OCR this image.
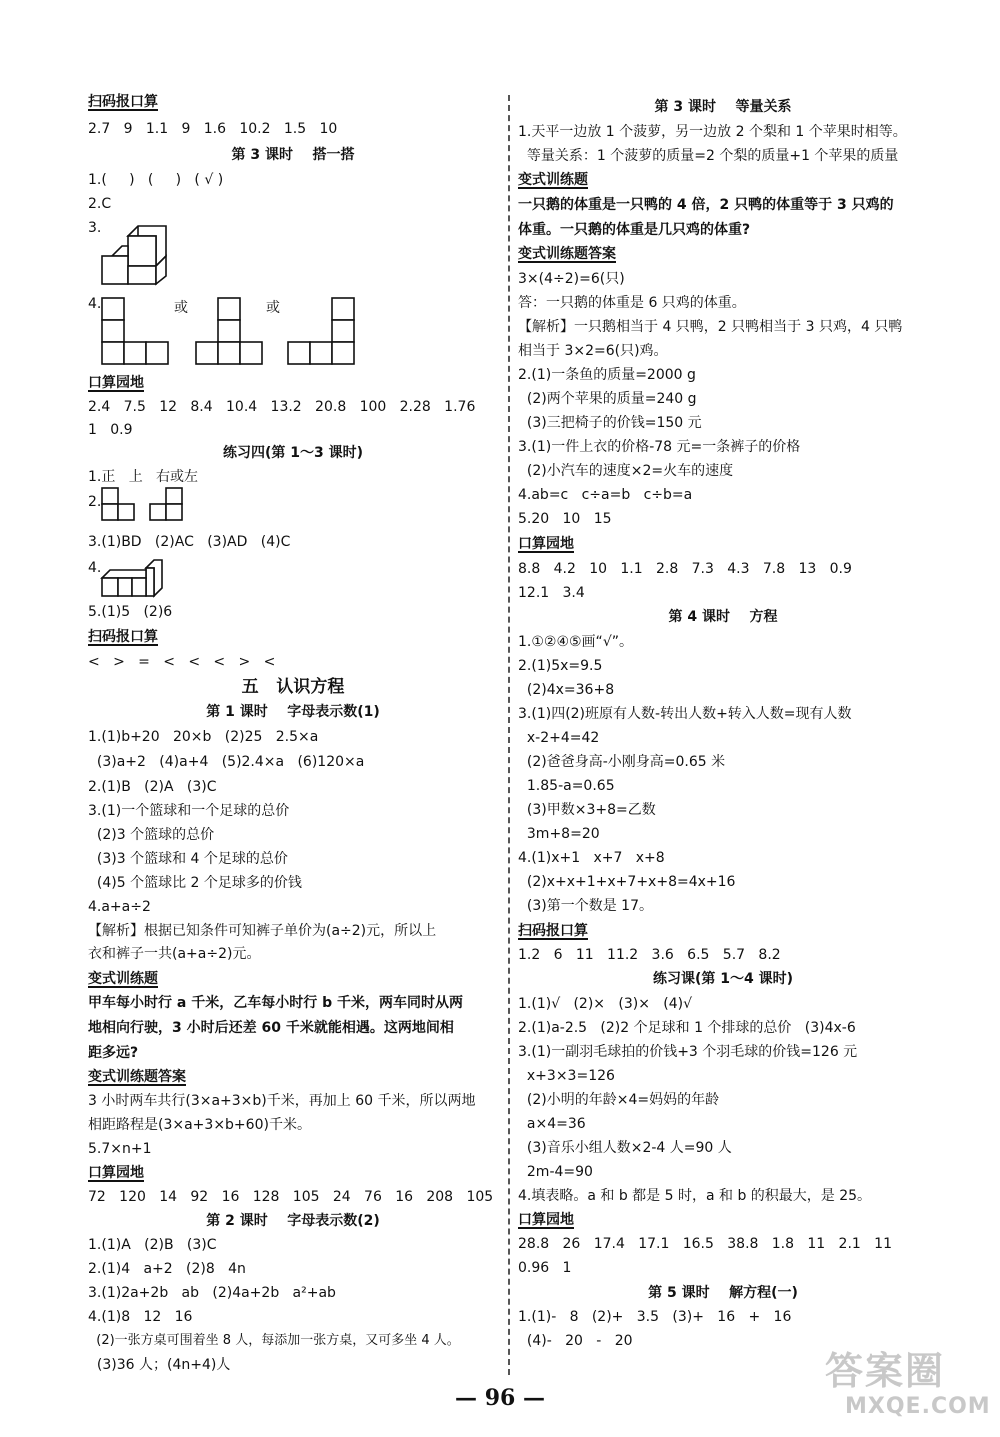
扫码报口算
2.7   9   1.1   9   1.6   10.2   1.5   10
第 3 课时    搭一搭
1.(     )   (     )   ( √ )
2.C
3.
4.	或	或
口算园地
2.4   7.5   12   8.4   10.4   13.2   20.8   100   2.28   1.76
1   0.9
练习四(第 1～3 课时)
1.正   上   右或左
2.
3.(1)BD   (2)AC   (3)AD   (4)C
4.
5.(1)5   (2)6
扫码报口算
<   >   =   <   <   <   >   <
五   认识方程
第 1 课时    字母表示数(1)
1.(1)b+20   20×b   (2)25   2.5×a
(3)a+2   (4)a+4   (5)2.4×a   (6)120×a
2.(1)B   (2)A   (3)C
3.(1)一个篮球和一个足球的总价
(2)3 个篮球的总价
(3)3 个篮球和 4 个足球的总价
(4)5 个篮球比 2 个足球多的价钱
4.a+a÷2
【解析】根据已知条件可知裤子单价为(a÷2)元，所以上
衣和裤子一共(a+a÷2)元。
变式训练题
甲车每小时行 a 千米，乙车每小时行 b 千米，两车同时从两
地相向行驶，3 小时后还差 60 千米就能相遇。这两地间相
距多远?
变式训练题答案
3 小时两车共行(3×a+3×b)千米，再加上 60 千米，所以两地
相距路程是(3×a+3×b+60)千米。
5.7×n+1
口算园地
72   120   14   92   16   128   105   24   76   16   208   105
第 2 课时    字母表示数(2)
1.(1)A   (2)B   (3)C
2.(1)4   a+2   (2)8   4n
3.(1)2a+2b   ab   (2)4a+2b   a²+ab
4.(1)8   12   16
(2)一张方桌可围着坐 8 人，每添加一张方桌，又可多坐 4 人。
(3)36 人；(4n+4)人
第 3 课时    等量关系
1.天平一边放 1 个菠萝，另一边放 2 个梨和 1 个苹果时相等。
等量关系：1 个菠萝的质量=2 个梨的质量+1 个苹果的质量
变式训练题
一只鹅的体重是一只鸭的 4 倍，2 只鸭的体重等于 3 只鸡的
体重。一只鹅的体重是几只鸡的体重?
变式训练题答案
3×(4÷2)=6(只)
答：一只鹅的体重是 6 只鸡的体重。
【解析】一只鹅相当于 4 只鸭，2 只鸭相当于 3 只鸡，4 只鸭
相当于 3×2=6(只)鸡。
2.(1)一条鱼的质量=2000 g
(2)两个苹果的质量=240 g
(3)三把椅子的价钱=150 元
3.(1)一件上衣的价格-78 元=一条裤子的价格
(2)小汽车的速度×2=火车的速度
4.ab=c   c÷a=b   c÷b=a
5.20   10   15
口算园地
8.8   4.2   10   1.1   2.8   7.3   4.3   7.8   13   0.9
12.1   3.4
第 4 课时    方程
1.①②④⑤画“√”。
2.(1)5x=9.5
(2)4x=36+8
3.(1)四(2)班原有人数-转出人数+转入人数=现有人数
x-2+4=42
(2)爸爸身高-小刚身高=0.65 米
1.85-a=0.65
(3)甲数×3+8=乙数
3m+8=20
4.(1)x+1   x+7   x+8
(2)x+x+1+x+7+x+8=4x+16
(3)第一个数是 17。
扫码报口算
1.2   6   11   11.2   3.6   6.5   5.7   8.2
练习课(第 1～4 课时)
1.(1)√   (2)×   (3)×   (4)√
2.(1)a-2.5   (2)2 个足球和 1 个排球的总价   (3)4x-6
3.(1)一副羽毛球拍的价钱+3 个羽毛球的价钱=126 元
x+3×3=126
(2)小明的年龄×4=妈妈的年龄
a×4=36
(3)音乐小组人数×2-4 人=90 人
2m-4=90
4.填表略。a 和 b 都是 5 时，a 和 b 的积最大，是 25。
口算园地
28.8   26   17.4   17.1   16.5   38.8   1.8   11   2.1   11
0.96   1
第 5 课时    解方程(一)
1.(1)-   8   (2)+   3.5   (3)+   16   +   16
(4)-   20   -   20
— 96 —
答案圈
MXQE.COM
